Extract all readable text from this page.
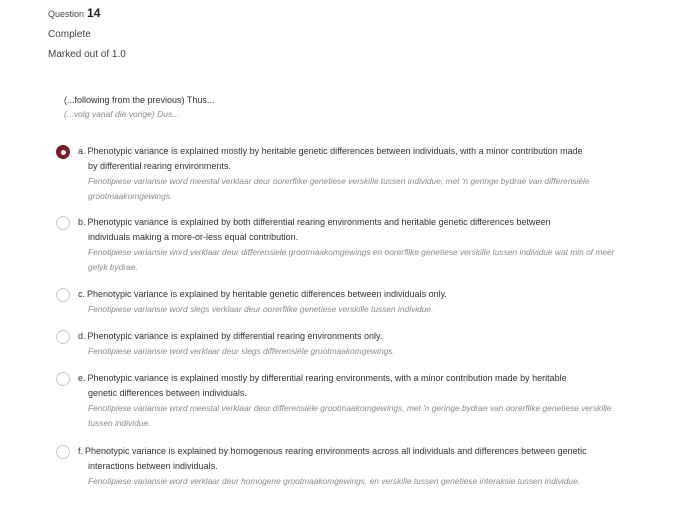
Question 14
Complete
Marked out of 1.0
(...following from the previous) Thus...
(...volg vanaf die vorige) Dus...
a. Phenotypic variance is explained mostly by heritable genetic differences between individuals, with a minor contribution made
by differential rearing environments.
Fenotipiese variansie word meestal verklaar deur oorerflike genetiese verskille tussen individue, met 'n geringe bydrae van differensiële
grootmaakomgewings.
b. Phenotypic variance is explained by both differential rearing environments and heritable genetic differences between
individuals making a more-or-less equal contribution.
Fenotipiese variansie word verklaar deur differensiele grootmaakomgewings en oorerflike genetiese verskille tussen individue wat min of meer
gelyk bydrae.
c. Phenotypic variance is explained by heritable genetic differences between individuals only.
Fenotipiese variansie word slegs verklaar deur oorerflike genetiese verskille tussen individue.
d. Phenotypic variance is explained by differential rearing environments only.
Fenotipiese variansie word verklaar deur slegs differensiële grootmaakomgewings.
e. Phenotypic variance is explained mostly by differential rearing environments, with a minor contribution made by heritable
genetic differences between individuals.
Fenotipiese variansie word meestal verklaar deur differensiële grootmaakomgewings, met 'n geringe bydrae van oorerflike genetiese verskille
tussen individue.
f. Phenotypic variance is explained by homogenous rearing environments across all individuals and differences between genetic
interactions between individuals.
Fenotipiese variansie word verklaar deur homogene grootmaakomgewings, en verskille tussen genetiese interaksie tussen individue.
